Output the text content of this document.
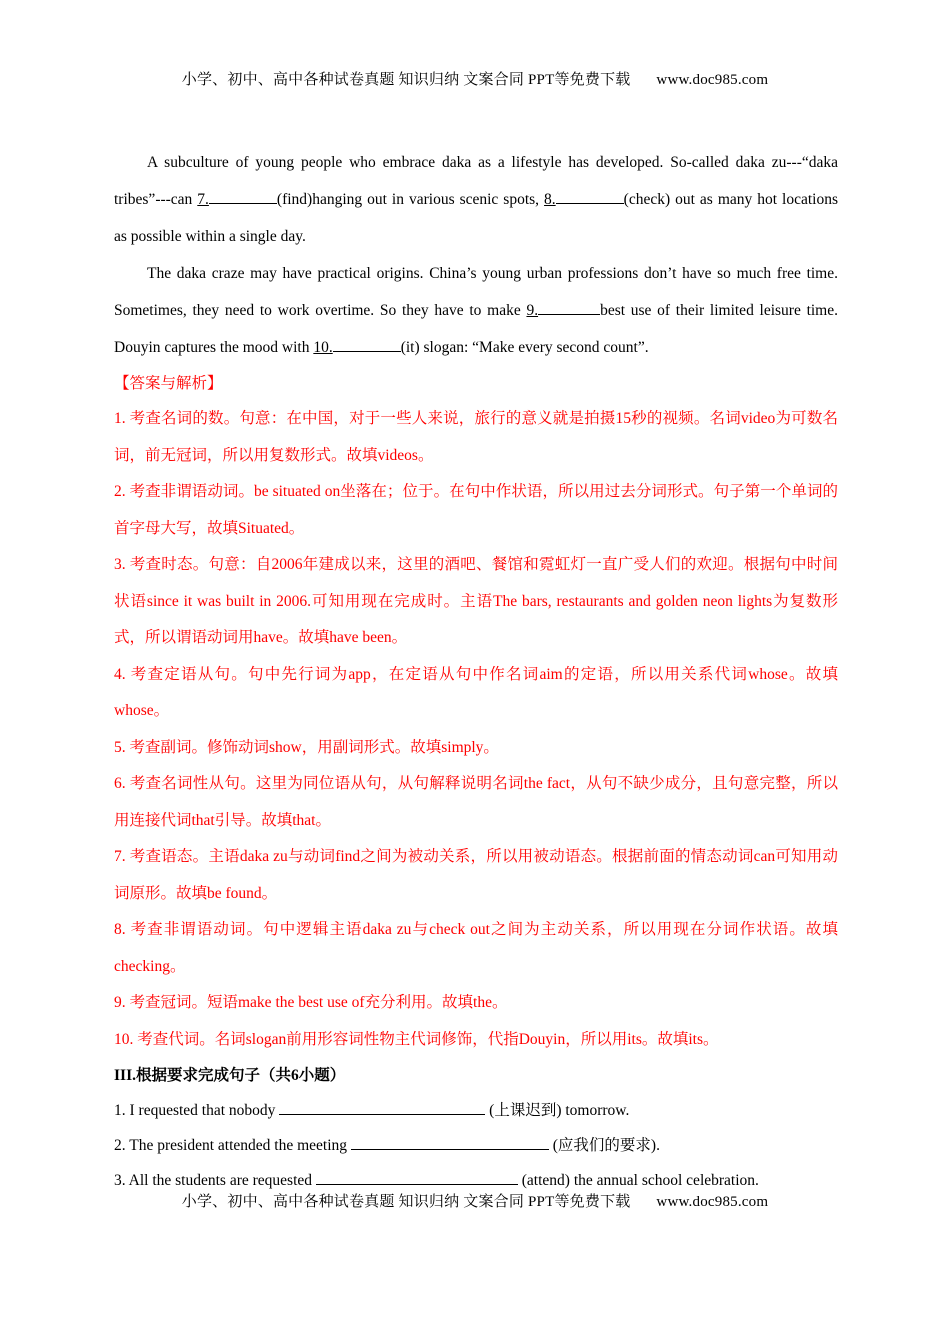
小学、初中、高中各种试卷真题 知识归纳 文案合同 PPT等免费下载 www.doc985.com

A subculture of young people who embrace daka as a lifestyle has developed. So-called daka zu---“daka tribes”---can 7.	(find)hanging out in various scenic spots, 8.	(check) out as many hot locations as possible within a single day.

The daka craze may have practical origins. China’s young urban professions don’t have so much free time. Sometimes, they need to work overtime. So they have to make 9.	best use of their limited leisure time. Douyin captures the mood with 10.	(it) slogan: “Make every second count”.

【答案与解析】

1. 考查名词的数。句意：在中国，对于一些人来说，旅行的意义就是拍摄15秒的视频。名词video为可数名词，前无冠词，所以用复数形式。故填videos。

2. 考查非谓语动词。be situated on坐落在；位于。在句中作状语，所以用过去分词形式。句子第一个单词的首字母大写，故填Situated。

3. 考查时态。句意：自2006年建成以来，这里的酒吧、餐馆和霓虹灯一直广受人们的欢迎。根据句中时间状语since it was built in 2006.可知用现在完成时。主语The bars, restaurants and golden neon lights为复数形式，所以谓语动词用have。故填have been。

4. 考查定语从句。句中先行词为app，在定语从句中作名词aim的定语，所以用关系代词whose。故填whose。

5. 考查副词。修饰动词show，用副词形式。故填simply。

6. 考查名词性从句。这里为同位语从句，从句解释说明名词the fact，从句不缺少成分，且句意完整，所以用连接代词that引导。故填that。

7. 考查语态。主语daka zu与动词find之间为被动关系，所以用被动语态。根据前面的情态动词can可知用动词原形。故填be found。

8. 考查非谓语动词。句中逻辑主语daka zu与check out之间为主动关系，所以用现在分词作状语。故填checking。

9. 考查冠词。短语make the best use of充分利用。故填the。

10. 考查代词。名词slogan前用形容词性物主代词修饰，代指Douyin，所以用its。故填its。

III.根据要求完成句子（共6小题）

1. I requested that nobody	(上课迟到) tomorrow.

2. The president attended the meeting	(应我们的要求).

3. All the students are requested	(attend) the annual school celebration.

小学、初中、高中各种试卷真题 知识归纳 文案合同 PPT等免费下载 www.doc985.com
